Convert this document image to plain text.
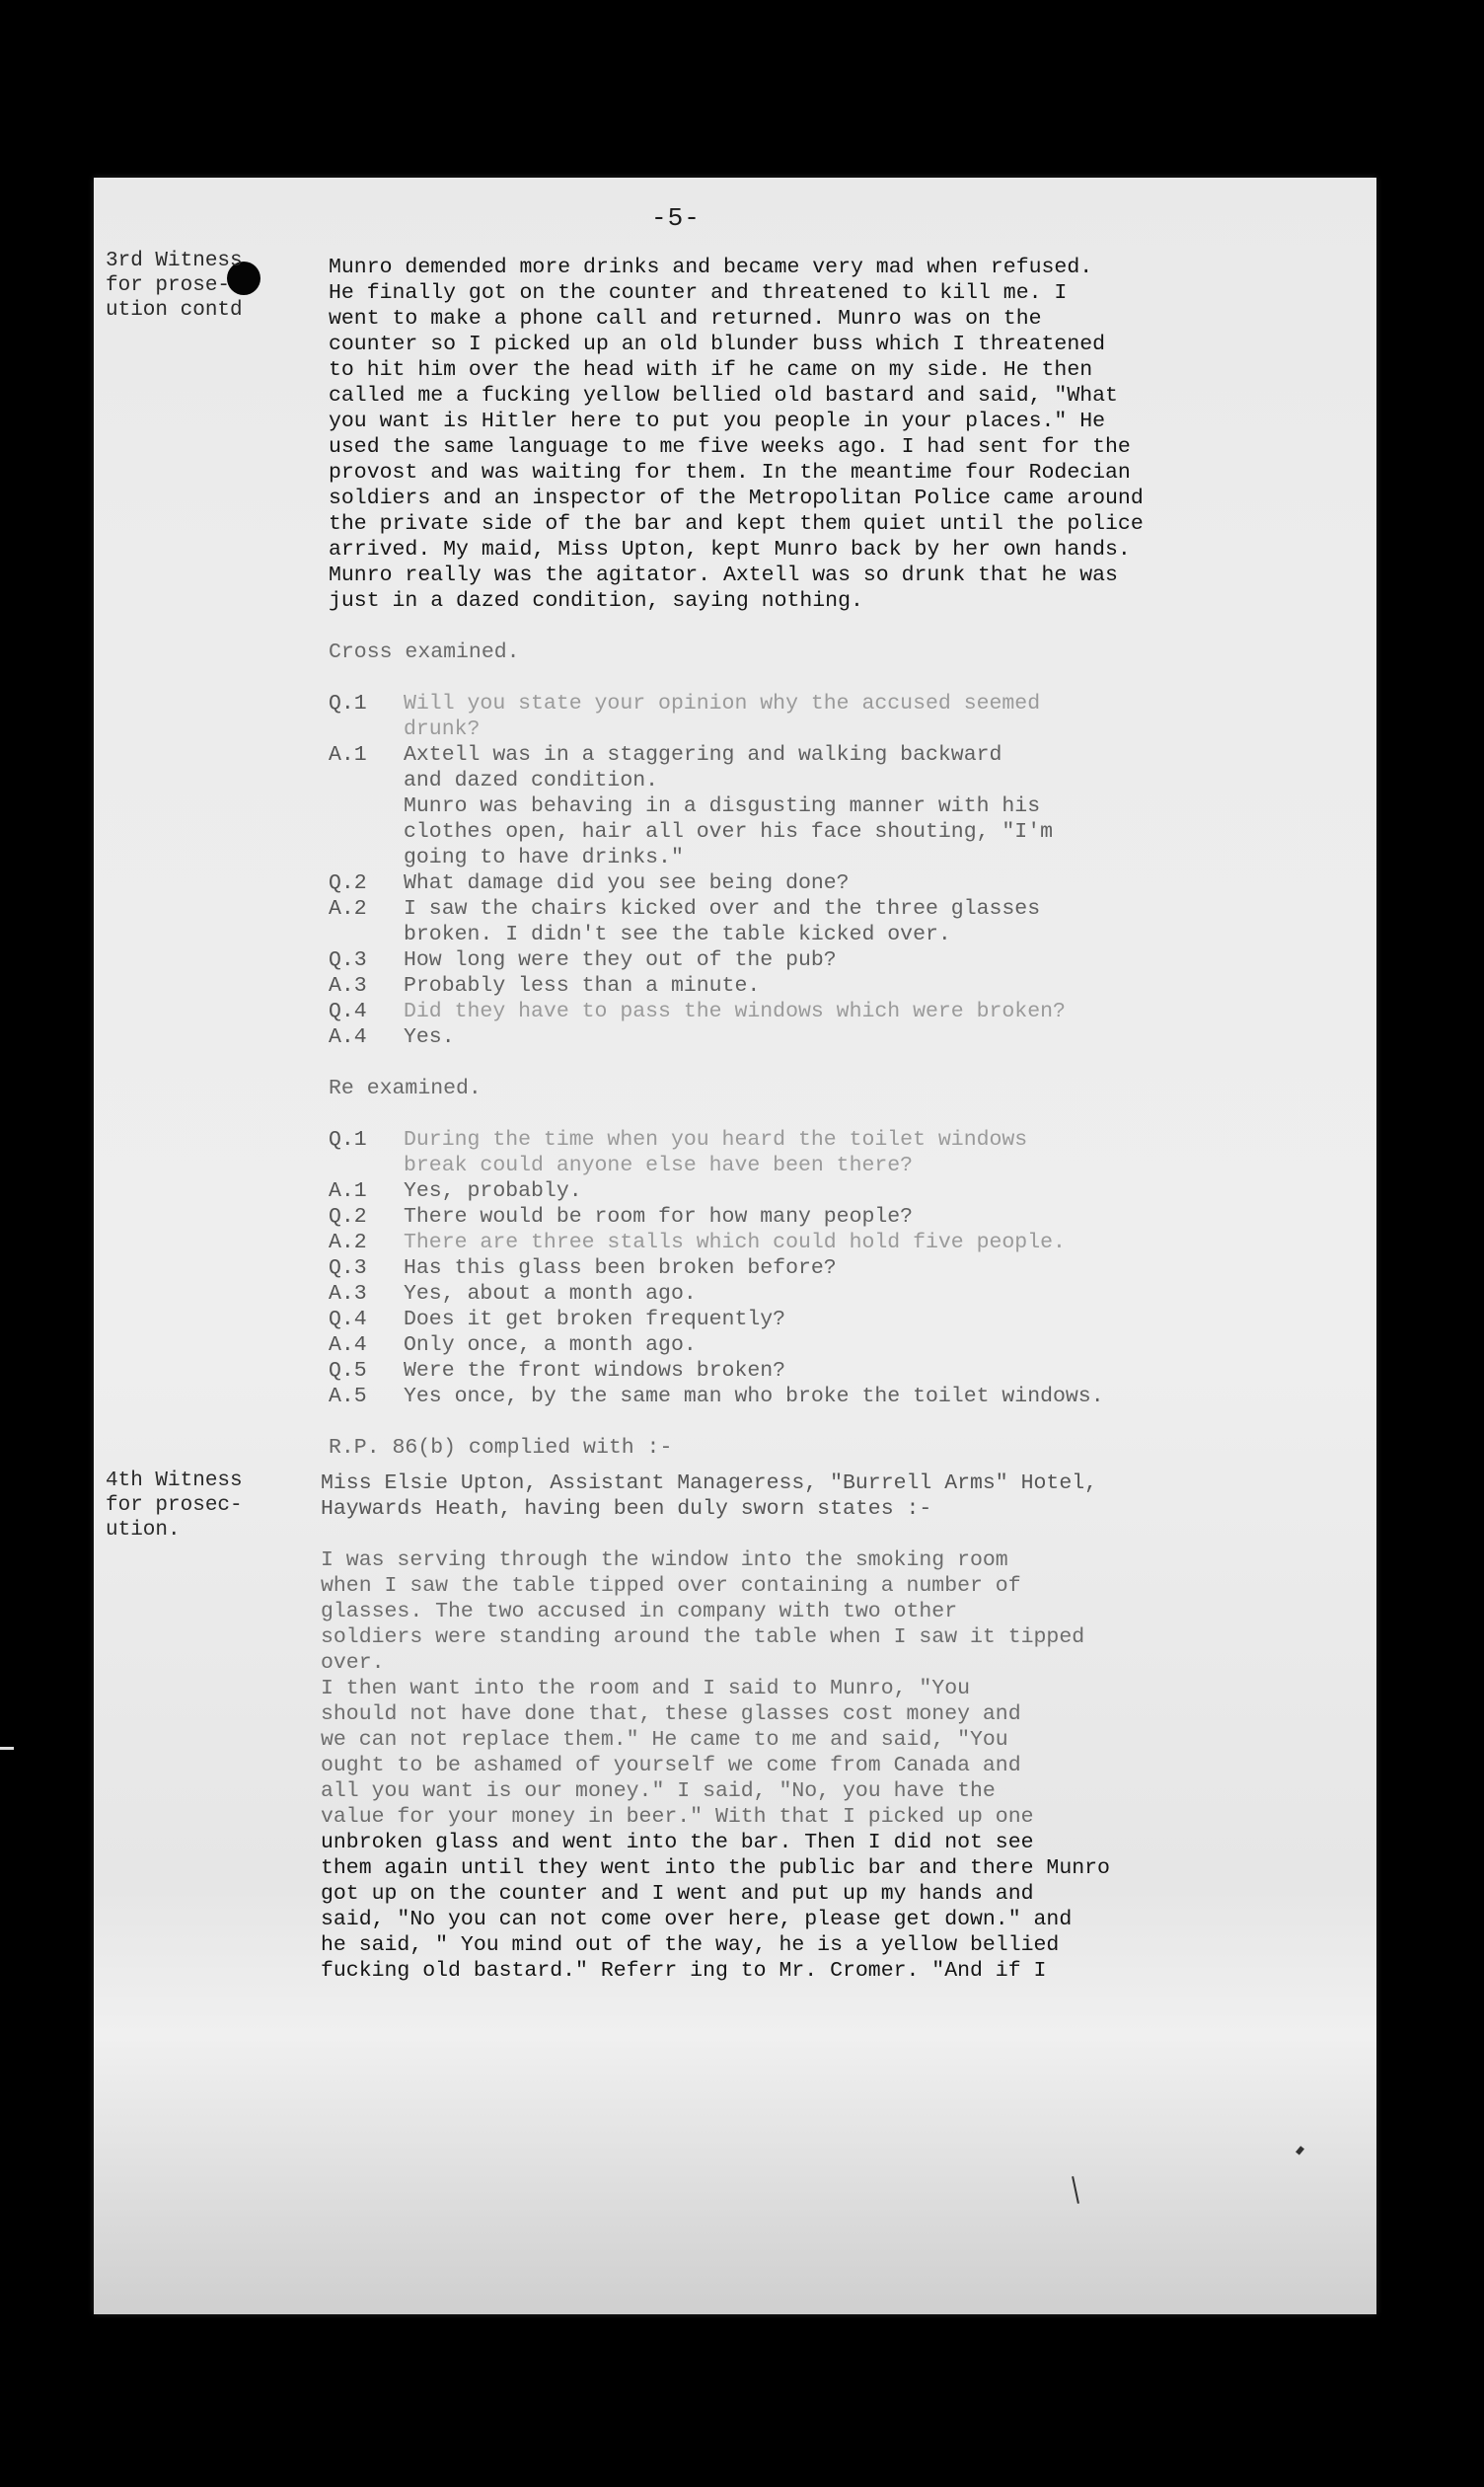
-5-
3rd Witness
for prose-
ution contd

Munro demended more drinks and became very mad when refused.
He finally got on the counter and threatened to kill me. I
went to make a phone call and returned. Munro was on the
counter so I picked up an old blunder buss which I threatened
to hit him over the head with if he came on my side. He then
called me a fucking yellow bellied old bastard and said, "What
you want is Hitler here to put you people in your places." He
used the same language to me five weeks ago. I had sent for the
provost and was waiting for them. In the meantime four Rodecian
soldiers and an inspector of the Metropolitan Police came around
the private side of the bar and kept them quiet until the police
arrived. My maid, Miss Upton, kept Munro back by her own hands.
Munro really was the agitator. Axtell was so drunk that he was
just in a dazed condition, saying nothing.

Cross examined.

Q.1	Will you state your opinion why the accused seemed
drunk?
A.1	Axtell was in a staggering and walking backward
and dazed condition.
Munro was behaving in a disgusting manner with his
clothes open, hair all over his face shouting, "I'm
going to have drinks."
Q.2	What damage did you see being done?
A.2	I saw the chairs kicked over and the three glasses
broken. I didn't see the table kicked over.
Q.3	How long were they out of the pub?
A.3	Probably less than a minute.
Q.4	Did they have to pass the windows which were broken?
A.4	Yes.

Re examined.

Q.1	During the time when you heard the toilet windows
break could anyone else have been there?
A.1	Yes, probably.
Q.2	There would be room for how many people?
A.2	There are three stalls which could hold five people.
Q.3	Has this glass been broken before?
A.3	Yes, about a month ago.
Q.4	Does it get broken frequently?
A.4	Only once, a month ago.
Q.5	Were the front windows broken?
A.5	Yes once, by the same man who broke the toilet windows.

R.P. 86(b) complied with :-

4th Witness
for prosec-
ution.

Miss Elsie Upton, Assistant Manageress, "Burrell Arms" Hotel,
Haywards Heath, having been duly sworn states :-

I was serving through the window into the smoking room
when I saw the table tipped over containing a number of
glasses. The two accused in company with two other
soldiers were standing around the table when I saw it tipped
over.
I then want into the room and I said to Munro, "You
should not have done that, these glasses cost money and
we can not replace them." He came to me and said, "You
ought to be ashamed of yourself we come from Canada and
all you want is our money." I said, "No, you have the
value for your money in beer." With that I picked up one

unbroken glass and went into the bar. Then I did not see
them again until they went into the public bar and there Munro
got up on the counter and I went and put up my hands and
said, "No you can not come over here, please get down." and
he said, " You mind out of the way, he is a yellow bellied
fucking old bastard." Referr ing to Mr. Cromer. "And if I
